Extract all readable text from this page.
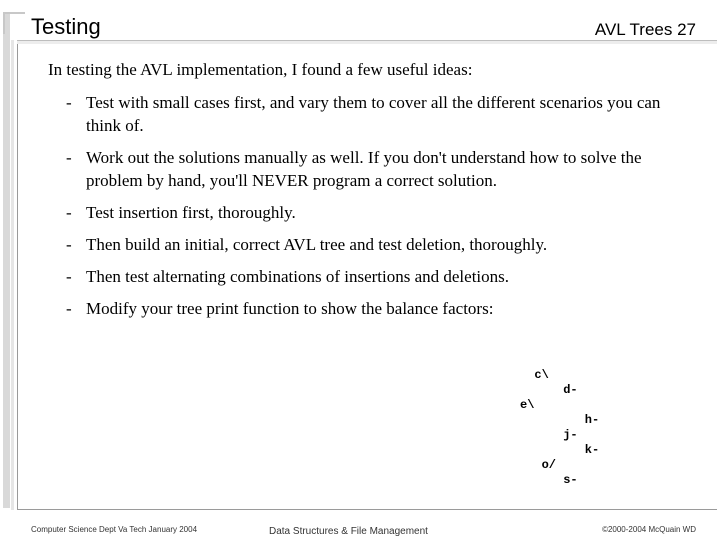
Testing	AVL Trees 27
In testing the AVL implementation, I found a few useful ideas:
- Test with small cases first, and vary them to cover all the different scenarios you can think of.
- Work out the solutions manually as well. If you don't understand how to solve the problem by hand, you'll NEVER program a correct solution.
- Test insertion first, thoroughly.
- Then build an initial, correct AVL tree and test deletion, thoroughly.
- Then test alternating combinations of insertions and deletions.
- Modify your tree print function to show the balance factors:
c\
d-
e\
h-
j-
k-
o/
s-
Computer Science Dept Va Tech January 2004	Data Structures & File Management	©2000-2004 McQuain WD
